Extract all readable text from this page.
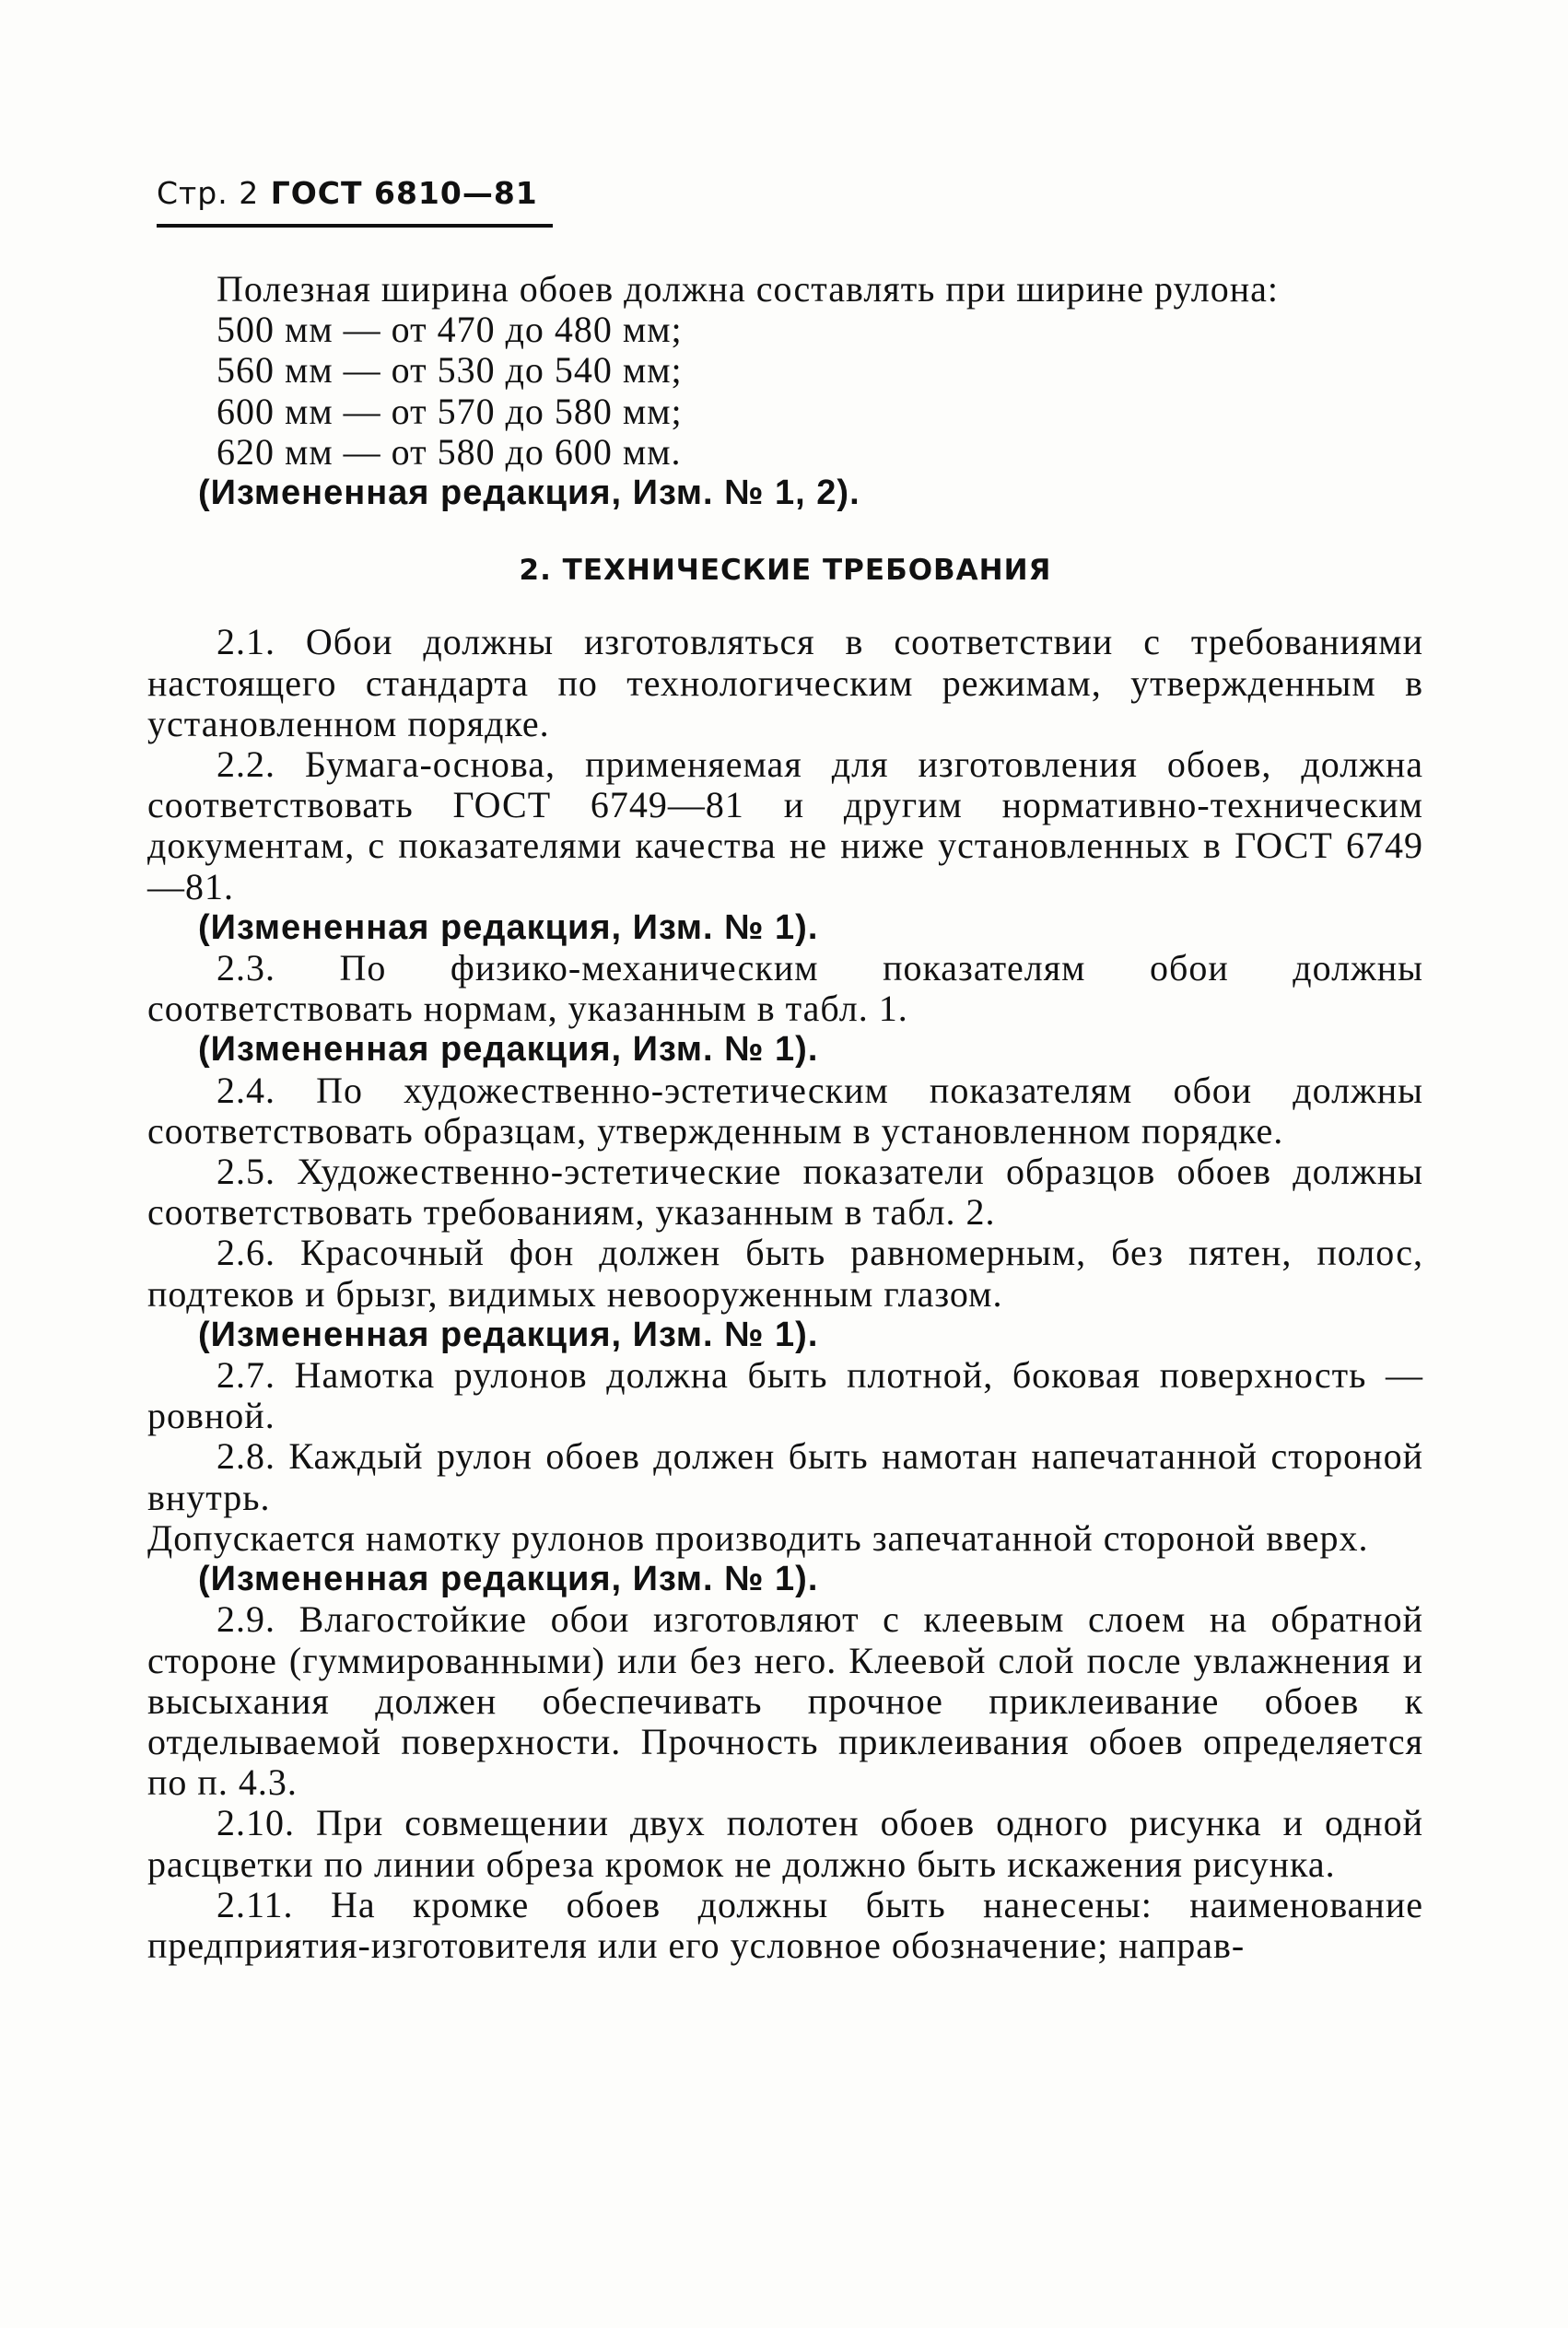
Стр. 2 ГОСТ 6810—81

Полезная ширина обоев должна составлять при ширине рулона:

500 мм — от 470 до 480 мм;

560 мм — от 530 до 540 мм;

600 мм — от 570 до 580 мм;

620 мм — от 580 до 600 мм.

(Измененная редакция, Изм. № 1, 2).

2. ТЕХНИЧЕСКИЕ ТРЕБОВАНИЯ

2.1. Обои должны изготовляться в соответствии с требованиями настоящего стандарта по технологическим режимам, утвержденным в установленном порядке.

2.2. Бумага-основа, применяемая для изготовления обоев, должна соответствовать ГОСТ 6749—81 и другим нормативно-техническим документам, с показателями качества не ниже установленных в ГОСТ 6749—81.

(Измененная редакция, Изм. № 1).

2.3. По физико-механическим показателям обои должны соответствовать нормам, указанным в табл. 1.

(Измененная редакция, Изм. № 1).

2.4. По художественно-эстетическим показателям обои должны соответствовать образцам, утвержденным в установленном порядке.

2.5. Художественно-эстетические показатели образцов обоев должны соответствовать требованиям, указанным в табл. 2.

2.6. Красочный фон должен быть равномерным, без пятен, полос, подтеков и брызг, видимых невооруженным глазом.

(Измененная редакция, Изм. № 1).

2.7. Намотка рулонов должна быть плотной, боковая поверхность — ровной.

2.8. Каждый рулон обоев должен быть намотан напечатанной стороной внутрь.

Допускается намотку рулонов производить запечатанной стороной вверх.

(Измененная редакция, Изм. № 1).

2.9. Влагостойкие обои изготовляют с клеевым слоем на обратной стороне (гуммированными) или без него. Клеевой слой после увлажнения и высыхания должен обеспечивать прочное приклеивание обоев к отделываемой поверхности. Прочность приклеивания обоев определяется по п. 4.3.

2.10. При совмещении двух полотен обоев одного рисунка и одной расцветки по линии обреза кромок не должно быть искажения рисунка.

2.11. На кромке обоев должны быть нанесены: наименование предприятия-изготовителя или его условное обозначение; направ-
